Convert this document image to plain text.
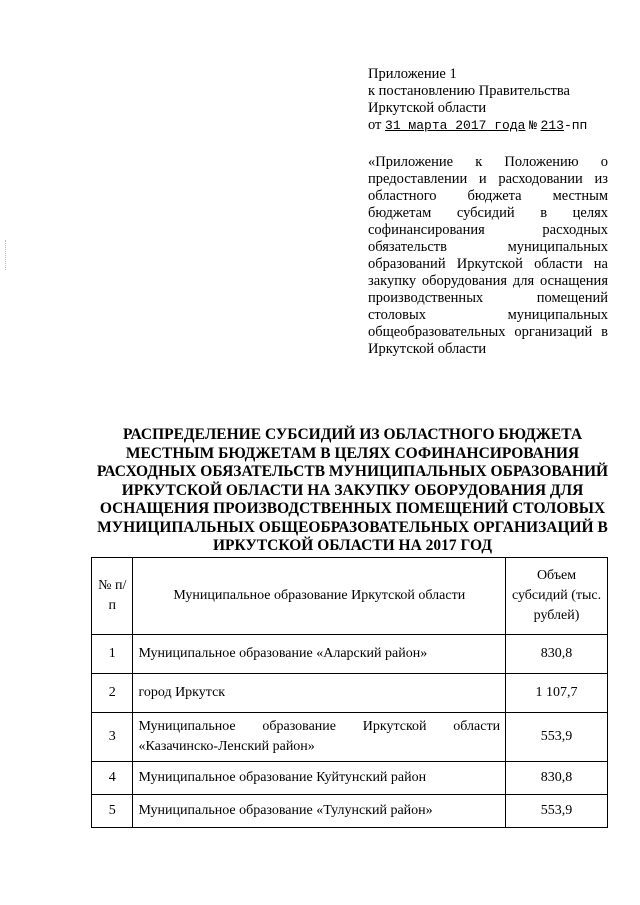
Приложение 1
к постановлению Правительства
Иркутской области
от 31 марта 2017 года № 213-пп
«Приложение к Положению о предоставлении и расходовании из областного бюджета местным бюджетам субсидий в целях софинансирования расходных обязательств муниципальных образований Иркутской области на закупку оборудования для оснащения производственных помещений столовых муниципальных общеобразовательных организаций в Иркутской области
РАСПРЕДЕЛЕНИЕ СУБСИДИЙ ИЗ ОБЛАСТНОГО БЮДЖЕТА МЕСТНЫМ БЮДЖЕТАМ В ЦЕЛЯХ СОФИНАНСИРОВАНИЯ РАСХОДНЫХ ОБЯЗАТЕЛЬСТВ МУНИЦИПАЛЬНЫХ ОБРАЗОВАНИЙ ИРКУТСКОЙ ОБЛАСТИ НА ЗАКУПКУ ОБОРУДОВАНИЯ ДЛЯ ОСНАЩЕНИЯ ПРОИЗВОДСТВЕННЫХ ПОМЕЩЕНИЙ СТОЛОВЫХ МУНИЦИПАЛЬНЫХ ОБЩЕОБРАЗОВАТЕЛЬНЫХ ОРГАНИЗАЦИЙ В ИРКУТСКОЙ ОБЛАСТИ НА 2017 ГОД
№ п/п	Муниципальное образование Иркутской области	Объем субсидий (тыс. рублей)
1	Муниципальное образование «Аларский район»	830,8
2	город Иркутск	1 107,7
3	Муниципальное образование Иркутской области «Казачинско-Ленский район»	553,9
4	Муниципальное образование Куйтунский район	830,8
5	Муниципальное образование «Тулунский район»	553,9
